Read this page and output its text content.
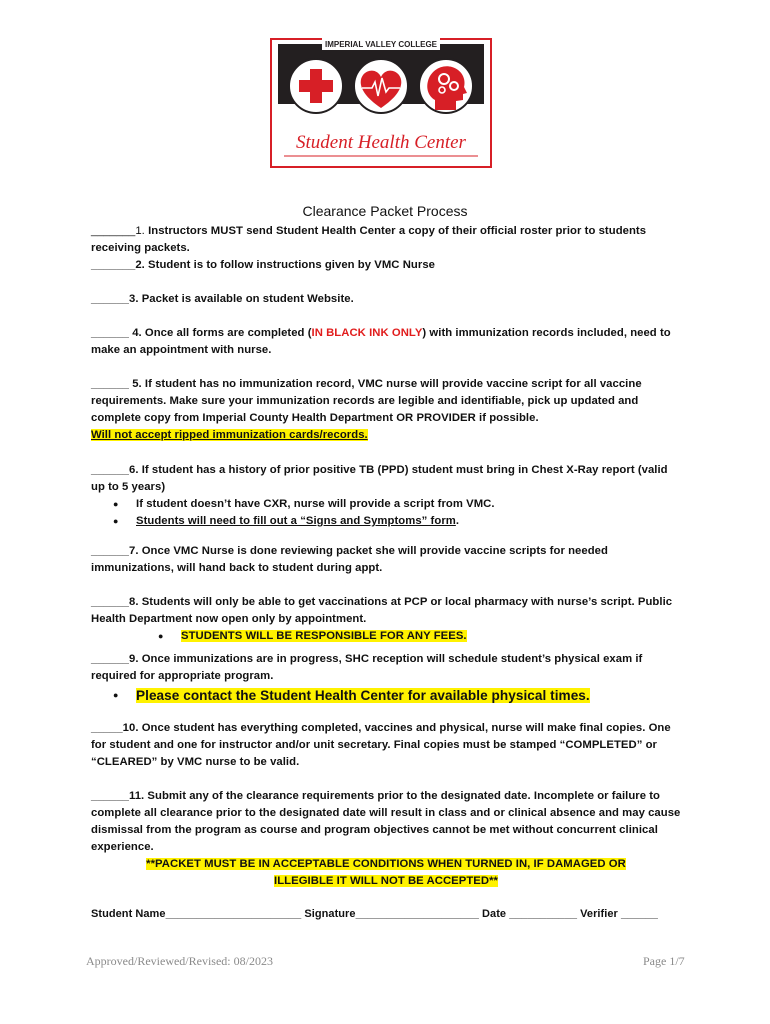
IMPERIAL VALLEY COLLEGE
Student Health Center
Clearance Packet Process

_______1. Instructors MUST send Student Health Center a copy of their official roster prior to students receiving packets.

_______2. Student is to follow instructions given by VMC Nurse

______3. Packet is available on student Website.

______ 4. Once all forms are completed (IN BLACK INK ONLY) with immunization records included, need to make an appointment with nurse.

______ 5. If student has no immunization record, VMC nurse will provide vaccine script for all vaccine requirements. Make sure your immunization records are legible and identifiable, pick up updated and complete copy from Imperial County Health Department OR PROVIDER if possible.
Will not accept ripped immunization cards/records.

______6. If student has a history of prior positive TB (PPD) student must bring in Chest X-Ray report (valid up to 5 years)
● If student doesn’t have CXR, nurse will provide a script from VMC.
● Students will need to fill out a “Signs and Symptoms” form.

______7. Once VMC Nurse is done reviewing packet she will provide vaccine scripts for needed immunizations, will hand back to student during appt.

______8. Students will only be able to get vaccinations at PCP or local pharmacy with nurse’s script. Public Health Department now open only by appointment.
● STUDENTS WILL BE RESPONSIBLE FOR ANY FEES.
______9. Once immunizations are in progress, SHC reception will schedule student’s physical exam if required for appropriate program.
● Please contact the Student Health Center for available physical times.

_____10. Once student has everything completed, vaccines and physical, nurse will make final copies. One for student and one for instructor and/or unit secretary. Final copies must be stamped “COMPLETED” or “CLEARED” by VMC nurse to be valid.

______11. Submit any of the clearance requirements prior to the designated date. Incomplete or failure to complete all clearance prior to the designated date will result in class and or clinical absence and may cause dismissal from the program as course and program objectives cannot be met without concurrent clinical experience.

**PACKET MUST BE IN ACCEPTABLE CONDITIONS WHEN TURNED IN, IF DAMAGED OR
ILLEGIBLE IT WILL NOT BE ACCEPTED**

Student Name______________________ Signature____________________ Date ___________ Verifier ______

Approved/Reviewed/Revised: 08/2023	Page 1/7
